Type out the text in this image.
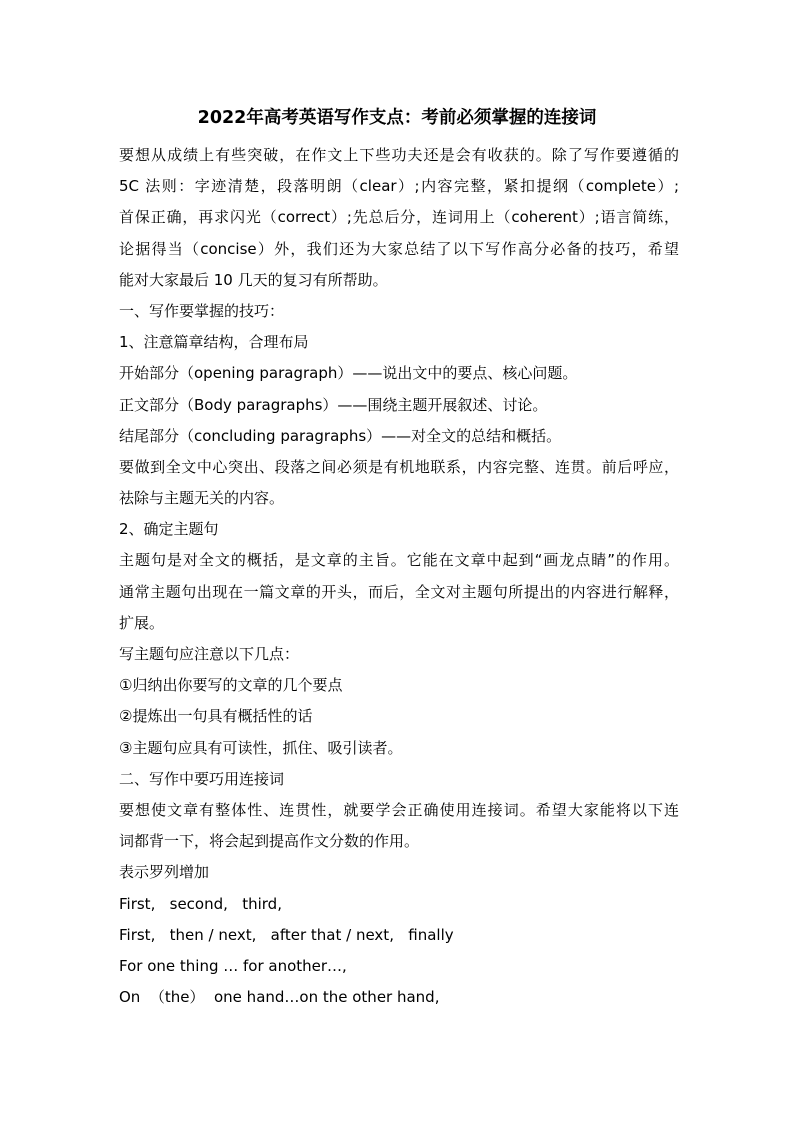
2022年高考英语写作支点：考前必须掌握的连接词
要想从成绩上有些突破，在作文上下些功夫还是会有收获的。除了写作要遵循的
5C 法则：字迹清楚，段落明朗（clear）;内容完整，紧扣提纲（complete）;
首保正确，再求闪光（correct）;先总后分，连词用上（coherent）;语言简练，
论据得当（concise）外，我们还为大家总结了以下写作高分必备的技巧，希望
能对大家最后 10 几天的复习有所帮助。
一、写作要掌握的技巧：
1、注意篇章结构，合理布局
开始部分（opening paragraph）——说出文中的要点、核心问题。
正文部分（Body paragraphs）——围绕主题开展叙述、讨论。
结尾部分（concluding paragraphs）——对全文的总结和概括。
要做到全文中心突出、段落之间必须是有机地联系，内容完整、连贯。前后呼应，
祛除与主题无关的内容。
2、确定主题句
主题句是对全文的概括，是文章的主旨。它能在文章中起到“画龙点睛”的作用。
通常主题句出现在一篇文章的开头，而后，全文对主题句所提出的内容进行解释，
扩展。
写主题句应注意以下几点：
①归纳出你要写的文章的几个要点
②提炼出一句具有概括性的话
③主题句应具有可读性，抓住、吸引读者。
二、写作中要巧用连接词
要想使文章有整体性、连贯性，就要学会正确使用连接词。希望大家能将以下连
词都背一下，将会起到提高作文分数的作用。
表示罗列增加
First,   second,   third,
First,   then / next,   after that / next,   finally
For one thing … for another…,
On  （the）  one hand…on the other hand,
